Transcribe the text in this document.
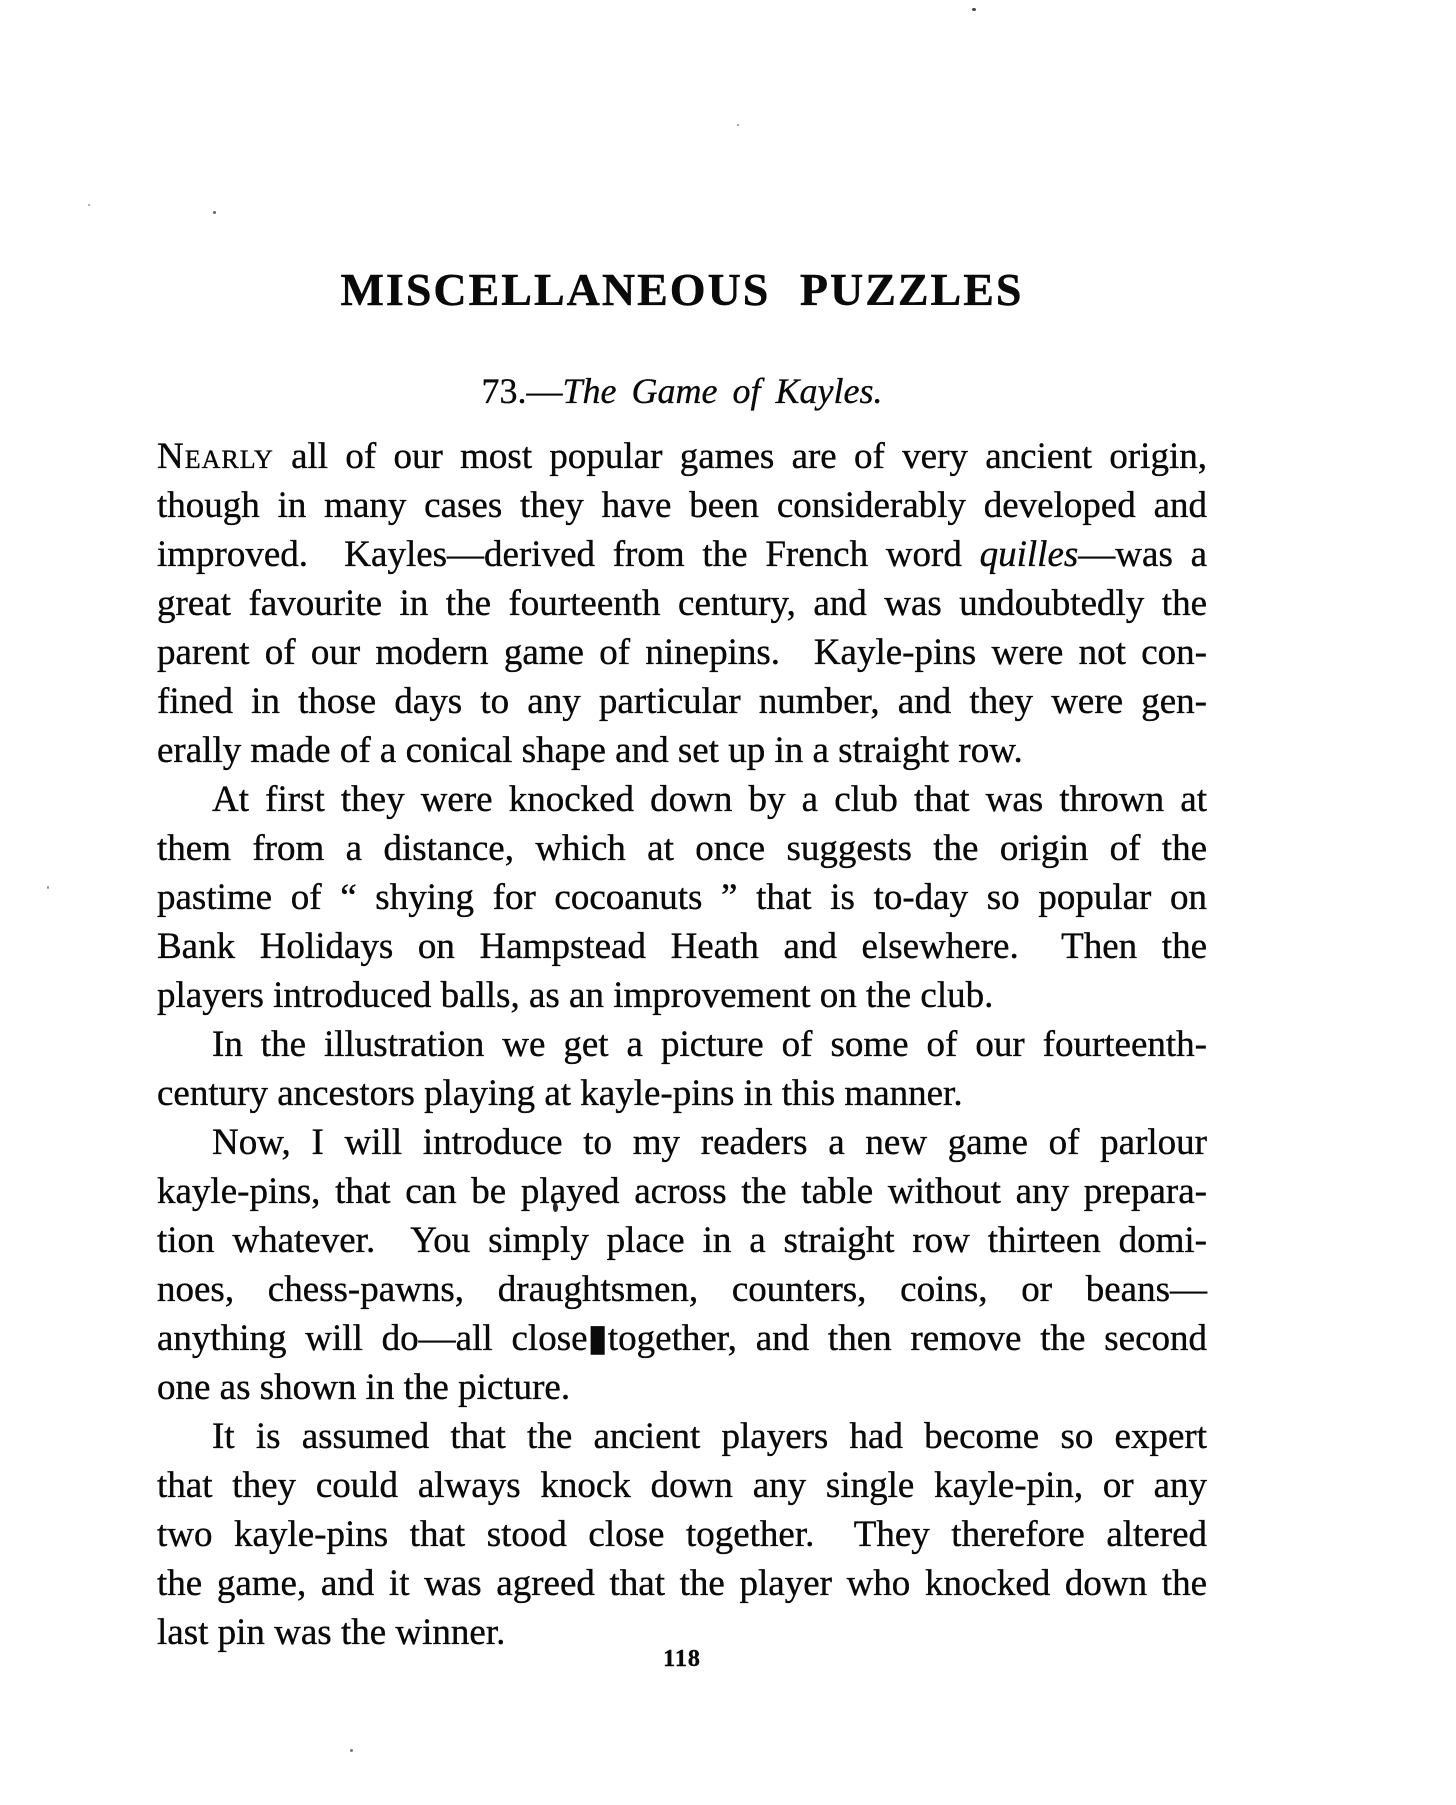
MISCELLANEOUS PUZZLES
73.—The Game of Kayles.
Nearly all of our most popular games are of very ancient origin,
though in many cases they have been considerably developed and
improved.  Kayles—derived from the French word quilles—was a
great favourite in the fourteenth century, and was undoubtedly the
parent of our modern game of ninepins.  Kayle-pins were not con-
fined in those days to any particular number, and they were gen-
erally made of a conical shape and set up in a straight row.
At first they were knocked down by a club that was thrown at
them from a distance, which at once suggests the origin of the
pastime of “ shying for cocoanuts ” that is to-day so popular on
Bank Holidays on Hampstead Heath and elsewhere.  Then the
players introduced balls, as an improvement on the club.
In the illustration we get a picture of some of our fourteenth-
century ancestors playing at kayle-pins in this manner.
Now, I will introduce to my readers a new game of parlour
kayle-pins, that can be played across the table without any prepara-
tion whatever.  You simply place in a straight row thirteen domi-
noes, chess-pawns, draughtsmen, counters, coins, or beans—
anything will do—all close▮together, and then remove the second
one as shown in the picture.
It is assumed that the ancient players had become so expert
that they could always knock down any single kayle-pin, or any
two kayle-pins that stood close together.  They therefore altered
the game, and it was agreed that the player who knocked down the
last pin was the winner.
118
